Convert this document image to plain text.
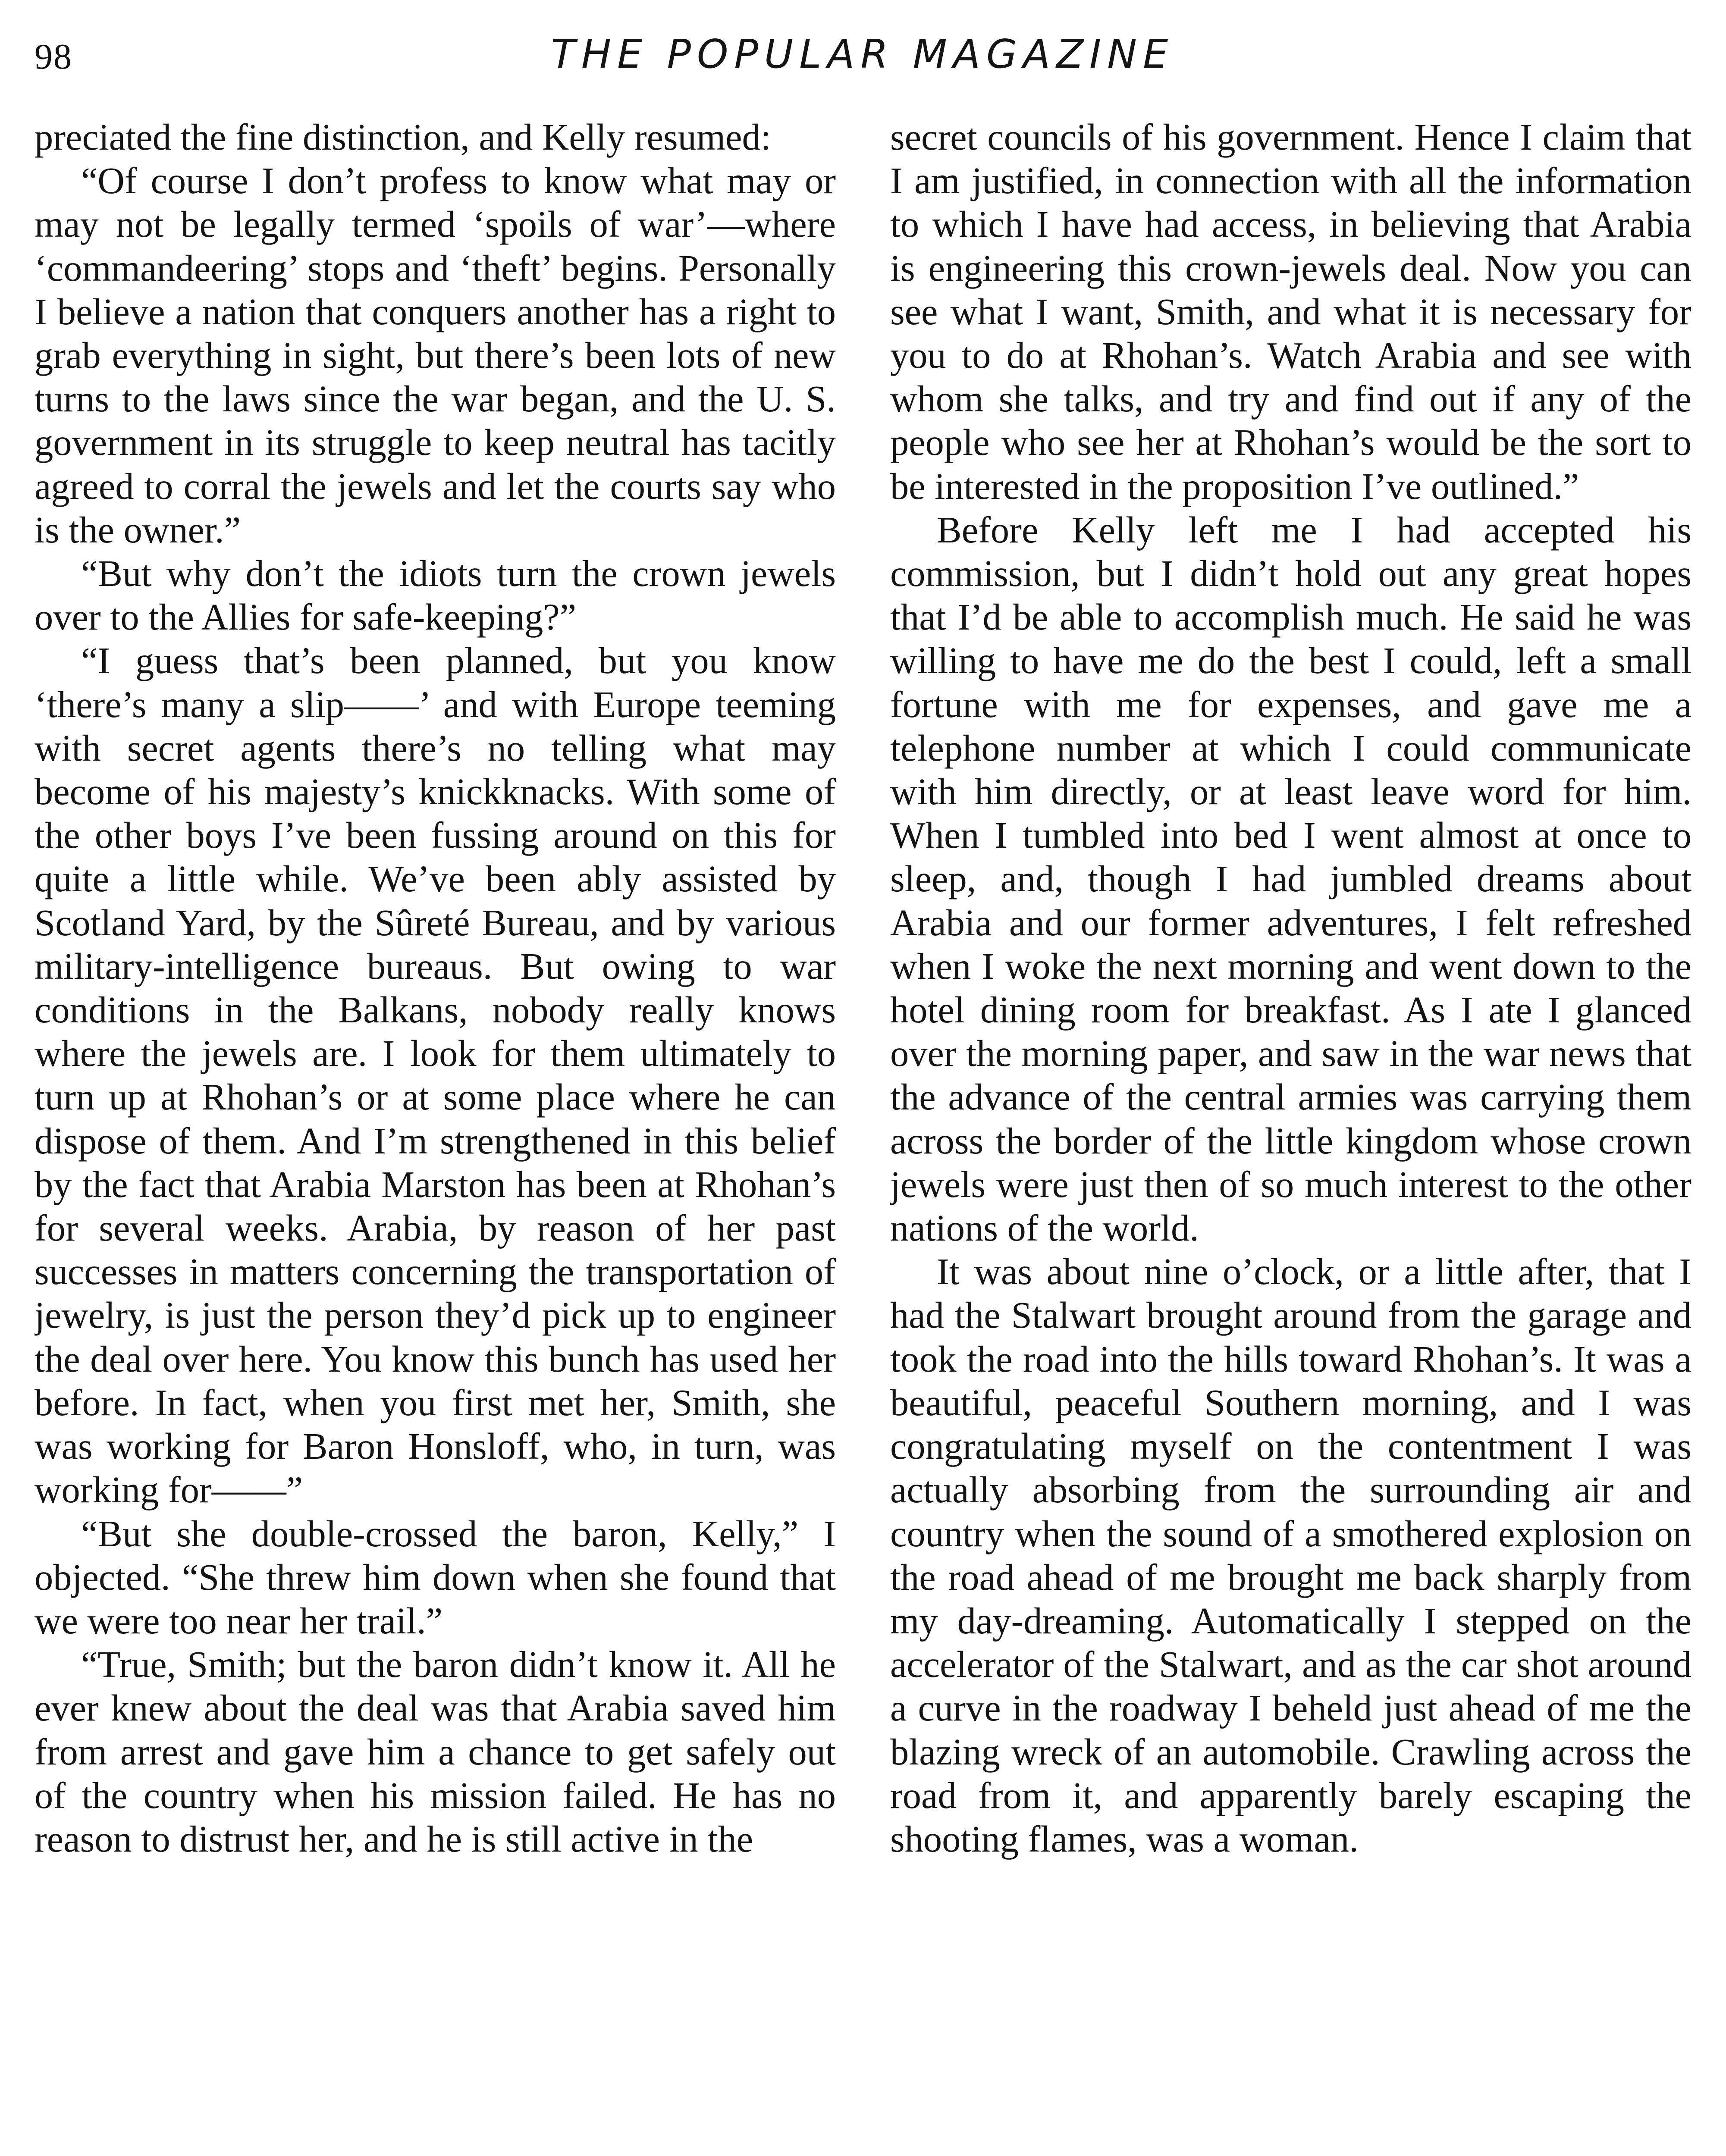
98	THE POPULAR MAGAZINE

preciated the fine distinction, and Kelly resumed:

“Of course I don’t profess to know what may or may not be legally termed ‘spoils of war’—where ‘commandeering’ stops and ‘theft’ begins. Personally I believe a nation that conquers another has a right to grab everything in sight, but there’s been lots of new turns to the laws since the war began, and the U. S. government in its struggle to keep neutral has tacitly agreed to corral the jewels and let the courts say who is the owner.”

“But why don’t the idiots turn the crown jewels over to the Allies for safe-keeping?”

“I guess that’s been planned, but you know ‘there’s many a slip——’ and with Europe teeming with secret agents there’s no telling what may become of his majesty’s knickknacks. With some of the other boys I’ve been fussing around on this for quite a little while. We’ve been ably assisted by Scotland Yard, by the Sûreté Bureau, and by various military-intelligence bureaus. But owing to war conditions in the Balkans, nobody really knows where the jewels are. I look for them ultimately to turn up at Rhohan’s or at some place where he can dispose of them. And I’m strengthened in this belief by the fact that Arabia Marston has been at Rhohan’s for several weeks. Arabia, by reason of her past successes in matters concerning the transportation of jewelry, is just the person they’d pick up to engineer the deal over here. You know this bunch has used her before. In fact, when you first met her, Smith, she was working for Baron Honsloff, who, in turn, was working for——”

“But she double-crossed the baron, Kelly,” I objected. “She threw him down when she found that we were too near her trail.”

“True, Smith; but the baron didn’t know it. All he ever knew about the deal was that Arabia saved him from arrest and gave him a chance to get safely out of the country when his mission failed. He has no reason to distrust her, and he is still active in the

secret councils of his government. Hence I claim that I am justified, in connection with all the information to which I have had access, in believing that Arabia is engineering this crown-jewels deal. Now you can see what I want, Smith, and what it is necessary for you to do at Rhohan’s. Watch Arabia and see with whom she talks, and try and find out if any of the people who see her at Rhohan’s would be the sort to be interested in the proposition I’ve outlined.”

Before Kelly left me I had accepted his commission, but I didn’t hold out any great hopes that I’d be able to accomplish much. He said he was willing to have me do the best I could, left a small fortune with me for expenses, and gave me a telephone number at which I could communicate with him directly, or at least leave word for him. When I tumbled into bed I went almost at once to sleep, and, though I had jumbled dreams about Arabia and our former adventures, I felt refreshed when I woke the next morning and went down to the hotel dining room for breakfast. As I ate I glanced over the morning paper, and saw in the war news that the advance of the central armies was carrying them across the border of the little kingdom whose crown jewels were just then of so much interest to the other nations of the world.

It was about nine o’clock, or a little after, that I had the Stalwart brought around from the garage and took the road into the hills toward Rhohan’s. It was a beautiful, peaceful Southern morning, and I was congratulating myself on the contentment I was actually absorbing from the surrounding air and country when the sound of a smothered explosion on the road ahead of me brought me back sharply from my day-dreaming. Automatically I stepped on the accelerator of the Stalwart, and as the car shot around a curve in the roadway I beheld just ahead of me the blazing wreck of an automobile. Crawling across the road from it, and apparently barely escaping the shooting flames, was a woman.
